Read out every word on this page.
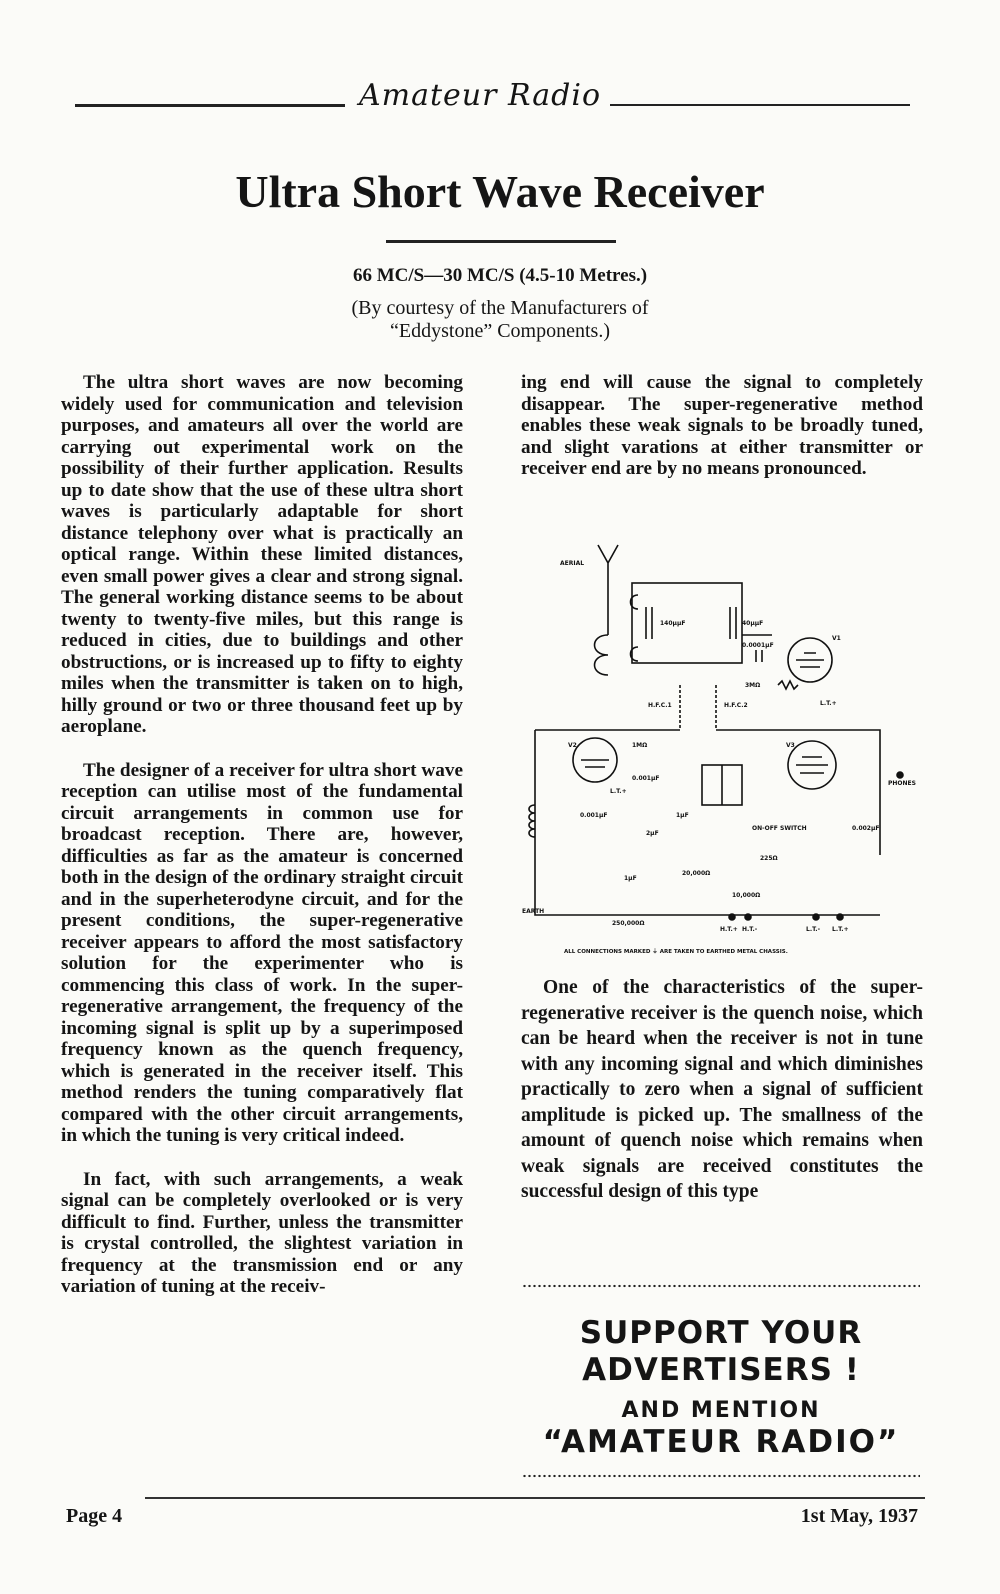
Amateur Radio
Ultra Short Wave Receiver
66 MC/S—30 MC/S (4.5-10 Metres.)
(By courtesy of the Manufacturers of
“Eddystone” Components.)

The ultra short waves are now becoming widely used for communication and television purposes, and amateurs all over the world are carrying out experimental work on the possibility of their further application. Results up to date show that the use of these ultra short waves is particularly adaptable for short distance telephony over what is practically an optical range. Within these limited distances, even small power gives a clear and strong signal. The general working distance seems to be about twenty to twenty-five miles, but this range is reduced in cities, due to buildings and other obstructions, or is increased up to fifty to eighty miles when the transmitter is taken on to high, hilly ground or two or three thousand feet up by aeroplane.

The designer of a receiver for ultra short wave reception can utilise most of the fundamental circuit arrangements in common use for broadcast reception. There are, however, difficulties as far as the amateur is concerned both in the design of the ordinary straight circuit and in the superheterodyne circuit, and for the present conditions, the super-regenerative receiver appears to afford the most satisfactory solution for the experimenter who is commencing this class of work. In the super-regenerative arrangement, the frequency of the incoming signal is split up by a superimposed frequency known as the quench frequency, which is generated in the receiver itself. This method renders the tuning comparatively flat compared with the other circuit arrangements, in which the tuning is very critical indeed.

In fact, with such arrangements, a weak signal can be completely overlooked or is very difficult to find. Further, unless the transmitter is crystal controlled, the slightest variation in frequency at the transmission end or any variation of tuning at the receiv-

ing end will cause the signal to completely disappear. The super-regenerative method enables these weak signals to be broadly tuned, and slight varations at either transmitter or receiver end are by no means pronounced.

AERIAL
140μμF	40μμF
0.0001μF
V1
3MΩ
L.T.+
H.F.C.1	H.F.C.2
V2	1MΩ
0.001μF
L.T.+
V3
PHONES
0.001μF	1μF
2μF
0.002μF
ON-OFF SWITCH
225Ω
1μF
20,000Ω
10,000Ω
250,000Ω
EARTH
H.T.+ H.T.-	L.T.- L.T.+
ALL CONNECTIONS MARKED ⏚ ARE TAKEN TO EARTHED METAL CHASSIS.

One of the characteristics of the super-regenerative receiver is the quench noise, which can be heard when the receiver is not in tune with any incoming signal and which diminishes practically to zero when a signal of sufficient amplitude is picked up. The smallness of the amount of quench noise which remains when weak signals are received constitutes the successful design of this type

SUPPORT YOUR
ADVERTISERS !
AND MENTION
“AMATEUR RADIO”
Page 4	1st May, 1937
